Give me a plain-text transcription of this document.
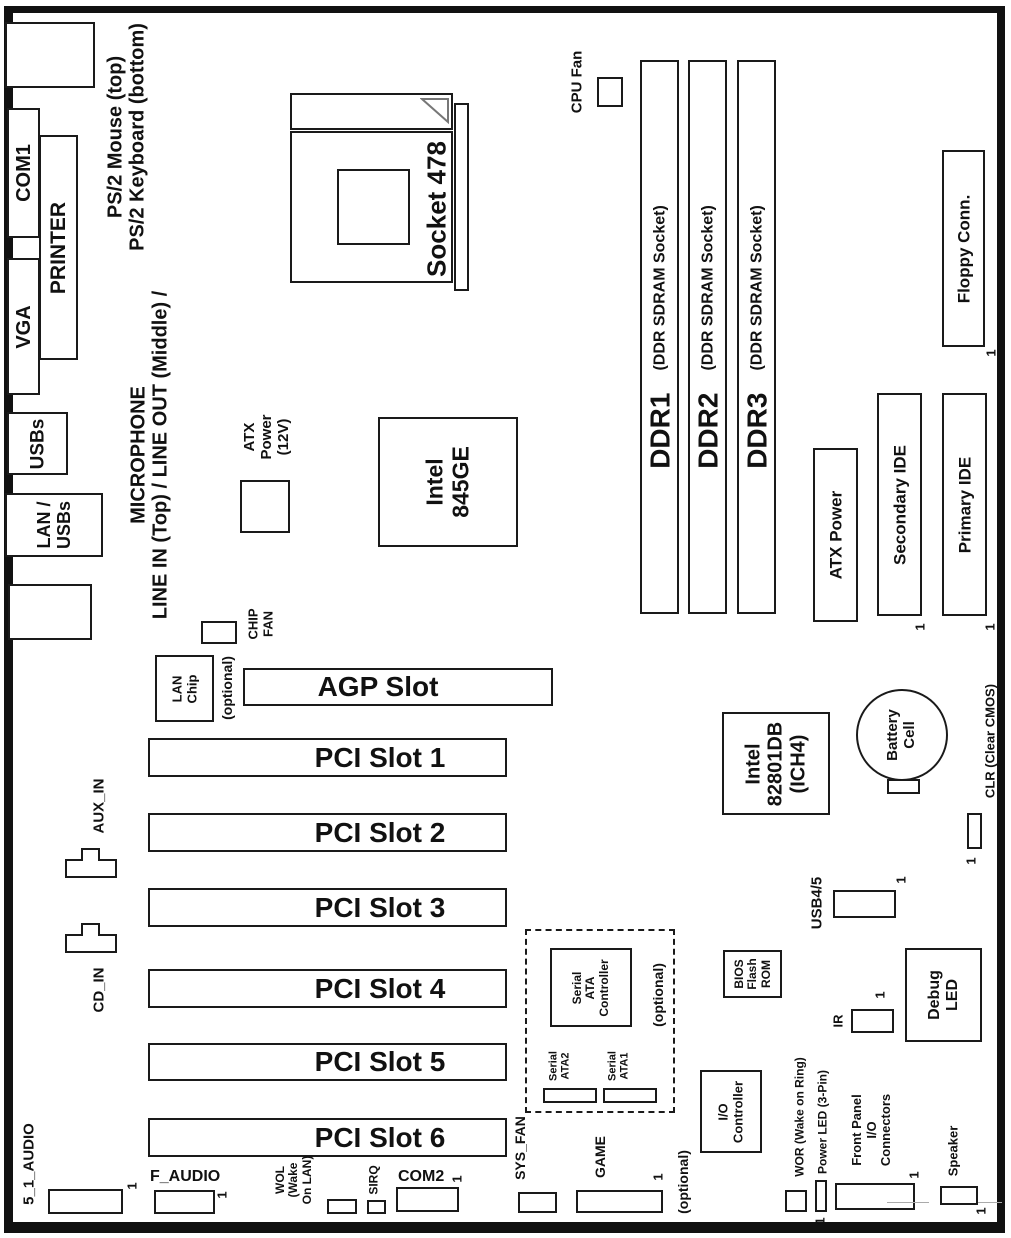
PS/2 Mouse (top) PS/2 Keyboard (bottom)
COM1
PRINTER
VGA
USBs
LAN / USBs	LINE IN (Top) / LINE OUT (Middle) /
MICROPHONE
Socket 478
CPU Fan
DDR1
(DDR SDRAM Socket)
DDR2
(DDR SDRAM Socket)
DDR3
(DDR SDRAM Socket)
ATX Power (12V)
Intel 845GE
ATX Power	Secondary IDE
1
Primary IDE
1
Floppy Conn.
1
CHIP FAN
LAN Chip (optional)	AGP Slot
PCI Slot 1
PCI Slot 2
PCI Slot 3
PCI Slot 4
PCI Slot 5
PCI Slot 6
AUX_IN
CD_IN
Intel 82801DB (ICH4)	Battery Cell
1
CLR (Clear CMOS)
USB4/5	1
BIOS Flash ROM
Serial ATA Controller	(optional)
Serial ATA2	Serial ATA1
I/O Controller
Debug LED
1
IR
5_1_AUDIO	1
F_AUDIO
1
WOL (Wake On LAN)	SIRQ COM2 1	SYS_FAN	GAME	1 (optional)
WOR (Wake on Ring) Power LED (3-Pin)
1
Front Panel I/O Connectors
1 Speaker
1
